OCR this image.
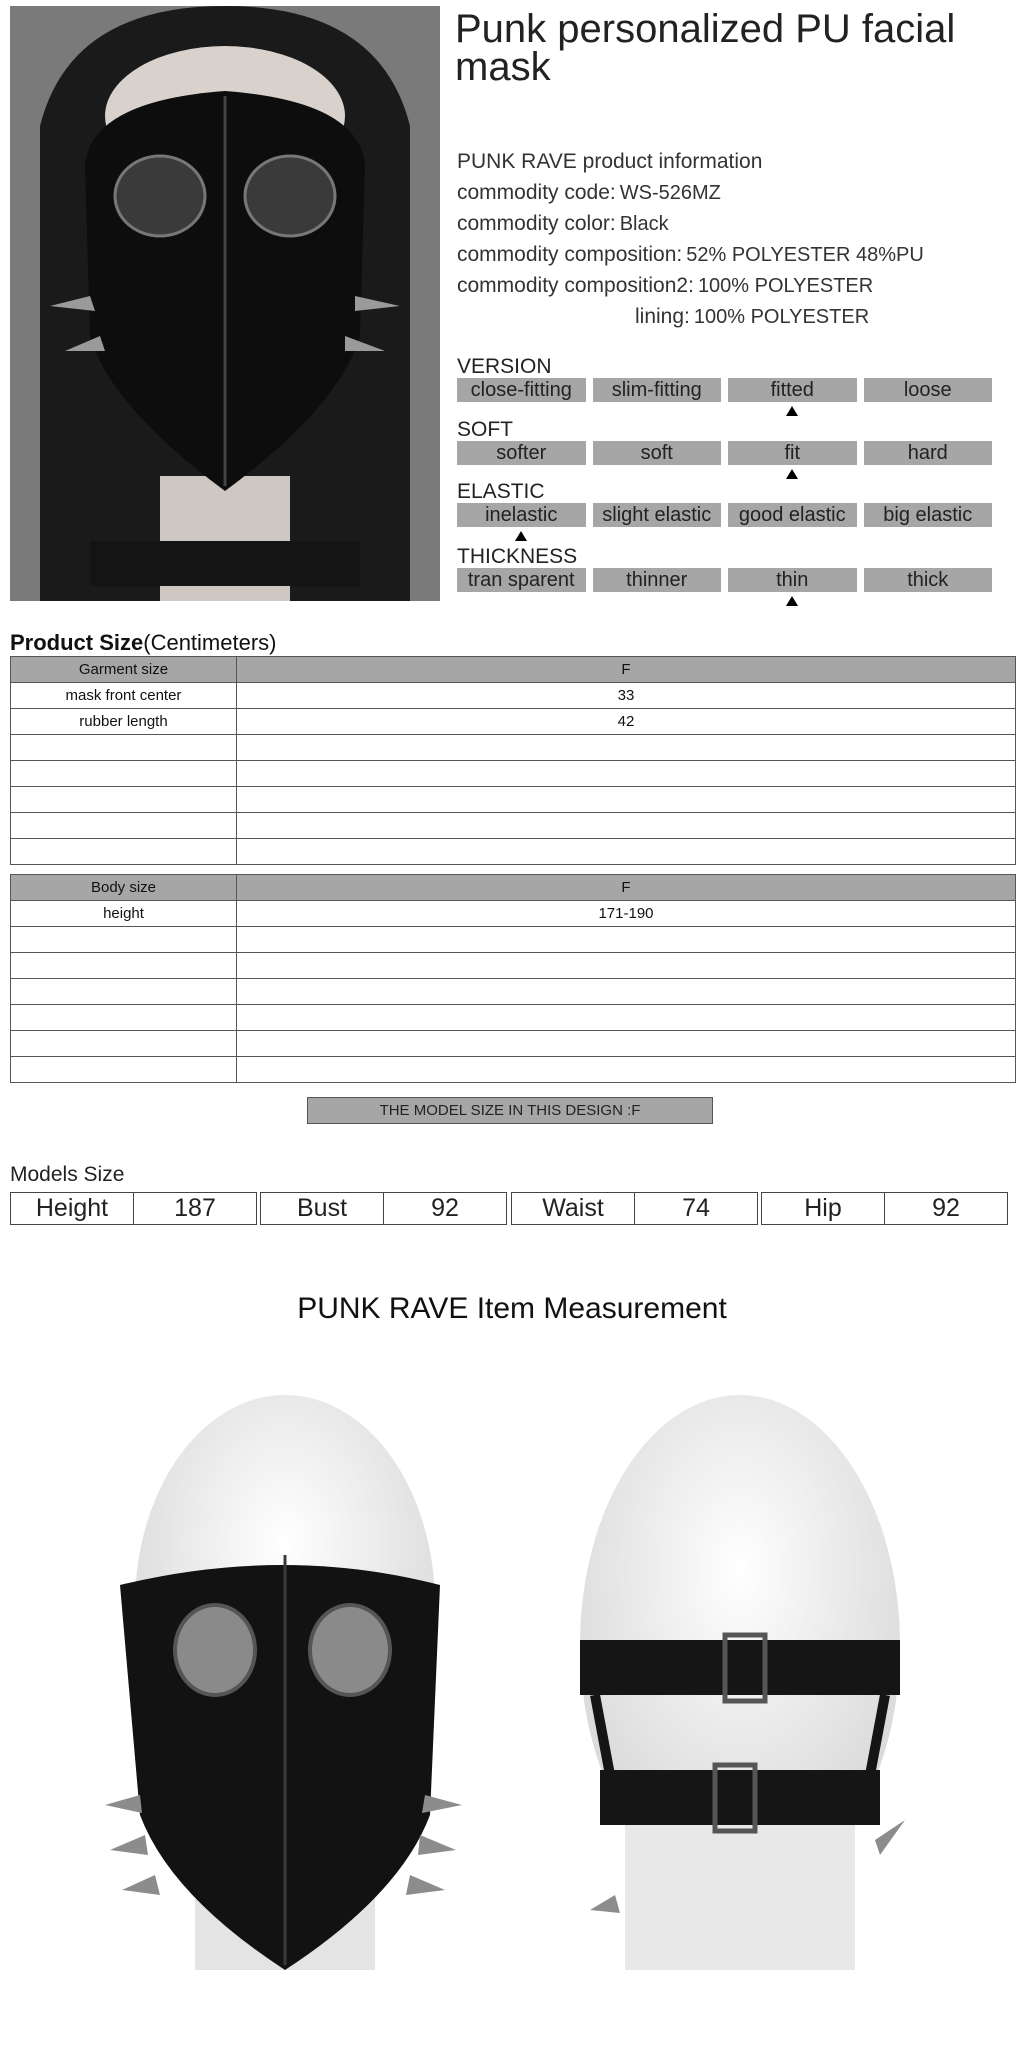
Punk personalized PU facial mask
PUNK RAVE product information
commodity code: WS-526MZ
commodity color: Black
commodity composition: 52% POLYESTER 48%PU
commodity composition2: 100% POLYESTER
lining: 100% POLYESTER
VERSION
close-fitting	slim-fitting	fitted	loose
SOFT
softer	soft	fit	hard
ELASTIC
inelastic	slight elastic	good elastic	big elastic
THICKNESS
tran sparent	thinner	thin	thick
Product Size(Centimeters)
Garment size	F
mask front center	33
rubber length	42

Body size	F
height	171-190

THE MODEL SIZE IN THIS DESIGN :F
Models Size
Height	187	Bust	92	Waist	74	Hip	92
PUNK RAVE Item Measurement
